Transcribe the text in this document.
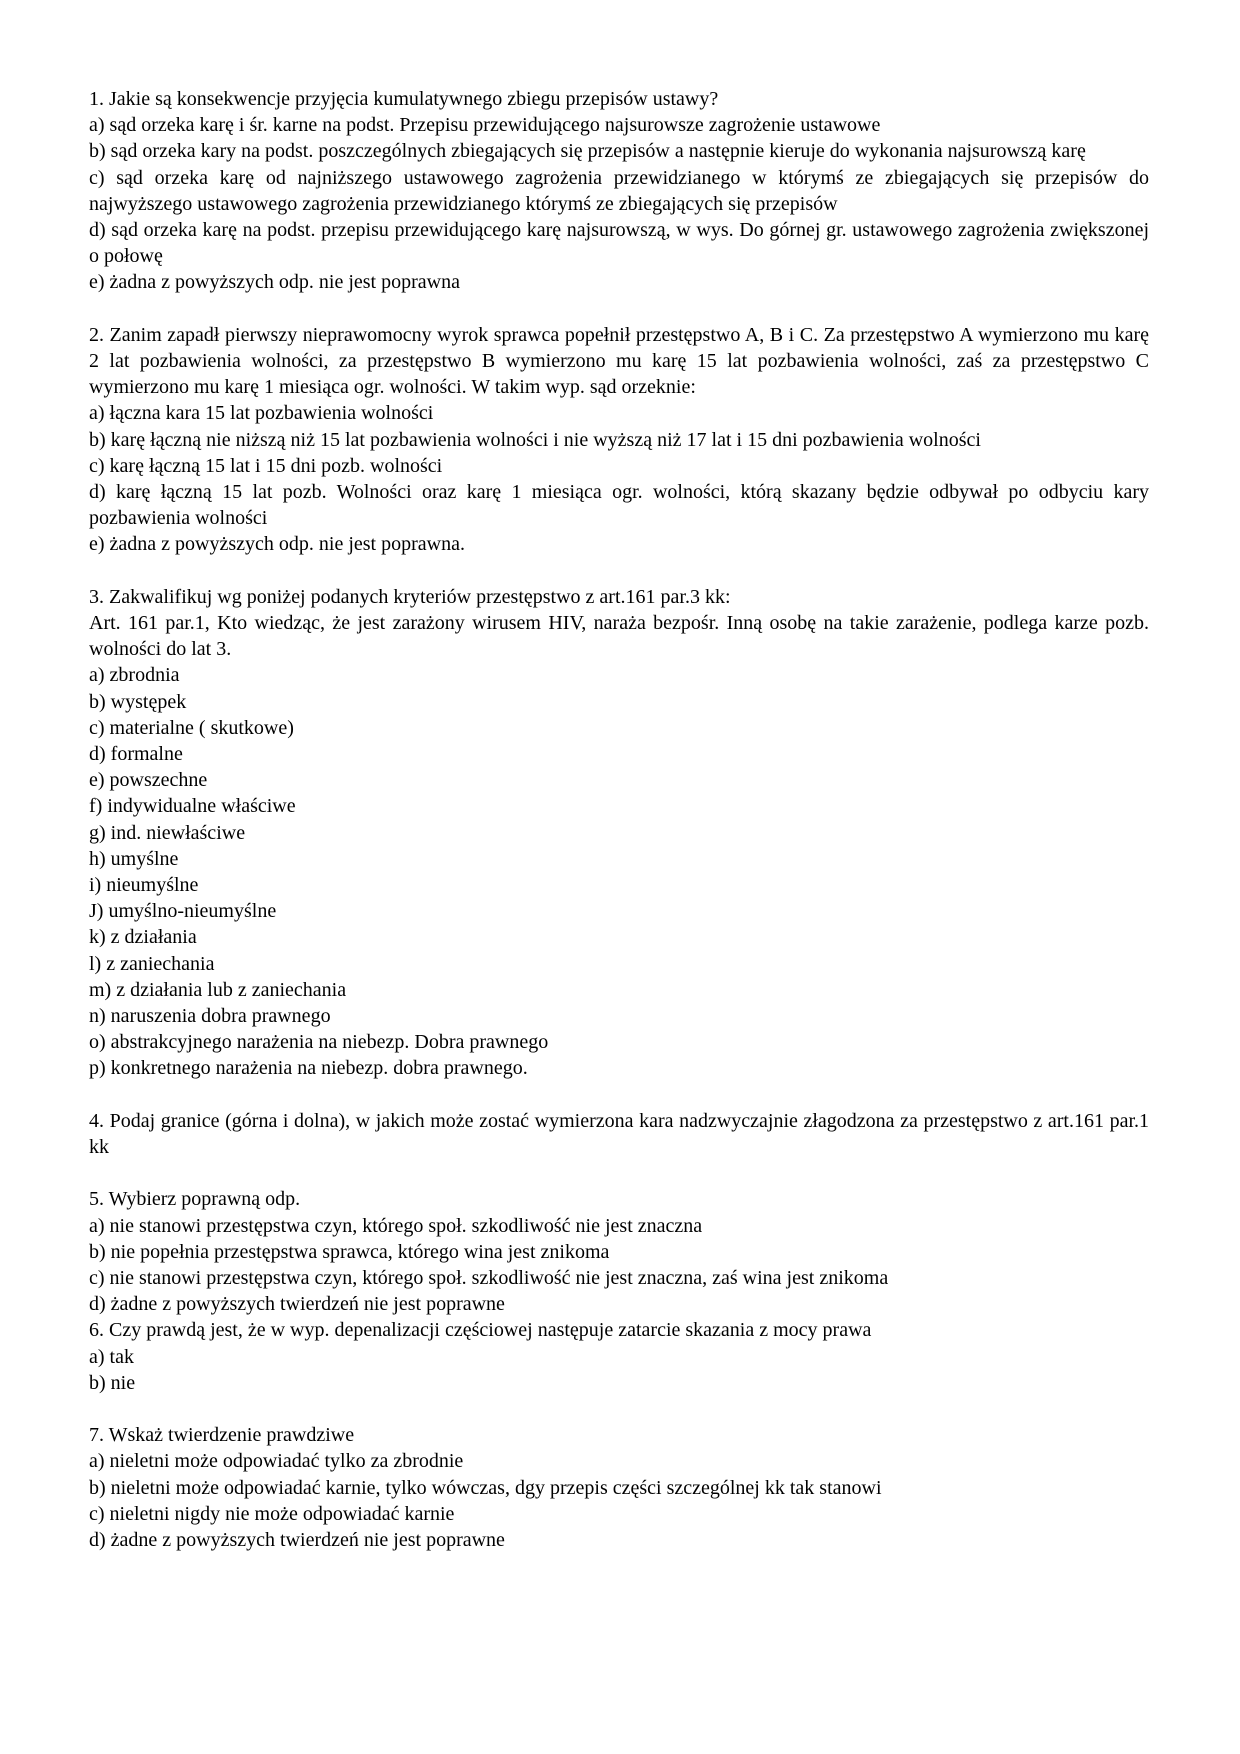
1. Jakie są konsekwencje przyjęcia kumulatywnego zbiegu przepisów ustawy?
a) sąd orzeka karę i śr. karne na podst. Przepisu przewidującego najsurowsze zagrożenie ustawowe
b) sąd orzeka kary na podst. poszczególnych zbiegających się przepisów a następnie kieruje do wykonania najsurowszą karę
c) sąd orzeka karę od najniższego ustawowego zagrożenia przewidzianego w którymś ze zbiegających się przepisów do najwyższego ustawowego zagrożenia przewidzianego którymś ze zbiegających się przepisów
d) sąd orzeka karę na podst. przepisu przewidującego karę najsurowszą, w wys. Do górnej gr. ustawowego zagrożenia zwiększonej o połowę
e) żadna z powyższych odp. nie jest poprawna
2. Zanim zapadł pierwszy nieprawomocny wyrok sprawca popełnił przestępstwo A, B i C. Za przestępstwo A wymierzono mu karę 2 lat pozbawienia wolności, za przestępstwo B wymierzono mu karę 15 lat pozbawienia wolności, zaś za przestępstwo C wymierzono mu karę 1 miesiąca ogr. wolności. W takim wyp. sąd orzeknie:
a) łączna kara 15 lat pozbawienia wolności
b) karę łączną nie niższą niż 15 lat pozbawienia wolności i nie wyższą niż 17 lat i 15 dni pozbawienia wolności
c) karę łączną 15 lat i 15 dni pozb. wolności
d) karę łączną 15 lat pozb. Wolności oraz karę 1 miesiąca ogr. wolności, którą skazany będzie odbywał po odbyciu kary pozbawienia wolności
e) żadna z powyższych odp. nie jest poprawna.
3. Zakwalifikuj wg poniżej podanych kryteriów przestępstwo z art.161 par.3 kk:
Art. 161 par.1, Kto wiedząc, że jest zarażony wirusem HIV, naraża bezpośr. Inną osobę na takie zarażenie, podlega karze pozb. wolności do lat 3.
a) zbrodnia
b) występek
c) materialne ( skutkowe)
d) formalne
e) powszechne
f) indywidualne właściwe
g) ind. niewłaściwe
h) umyślne
i) nieumyślne
J) umyślno-nieumyślne
k) z działania
l) z zaniechania
m) z działania lub z zaniechania
n) naruszenia dobra prawnego
o) abstrakcyjnego narażenia na niebezp. Dobra prawnego
p) konkretnego narażenia na niebezp. dobra prawnego.
4. Podaj granice (górna i dolna), w jakich może zostać wymierzona kara nadzwyczajnie złagodzona za przestępstwo z art.161 par.1 kk
5. Wybierz poprawną odp.
a) nie stanowi przestępstwa czyn, którego społ. szkodliwość nie jest znaczna
b) nie popełnia przestępstwa sprawca, którego wina jest znikoma
c) nie stanowi przestępstwa czyn, którego społ. szkodliwość nie jest znaczna, zaś wina jest znikoma
d) żadne z powyższych twierdzeń nie jest poprawne
6. Czy prawdą jest, że w wyp. depenalizacji częściowej następuje zatarcie skazania z mocy prawa
a) tak
b) nie
7. Wskaż twierdzenie prawdziwe
a) nieletni może odpowiadać tylko za zbrodnie
b) nieletni może odpowiadać karnie, tylko wówczas, dgy przepis części szczególnej kk tak stanowi
c) nieletni nigdy nie może odpowiadać karnie
d) żadne z powyższych twierdzeń nie jest poprawne
